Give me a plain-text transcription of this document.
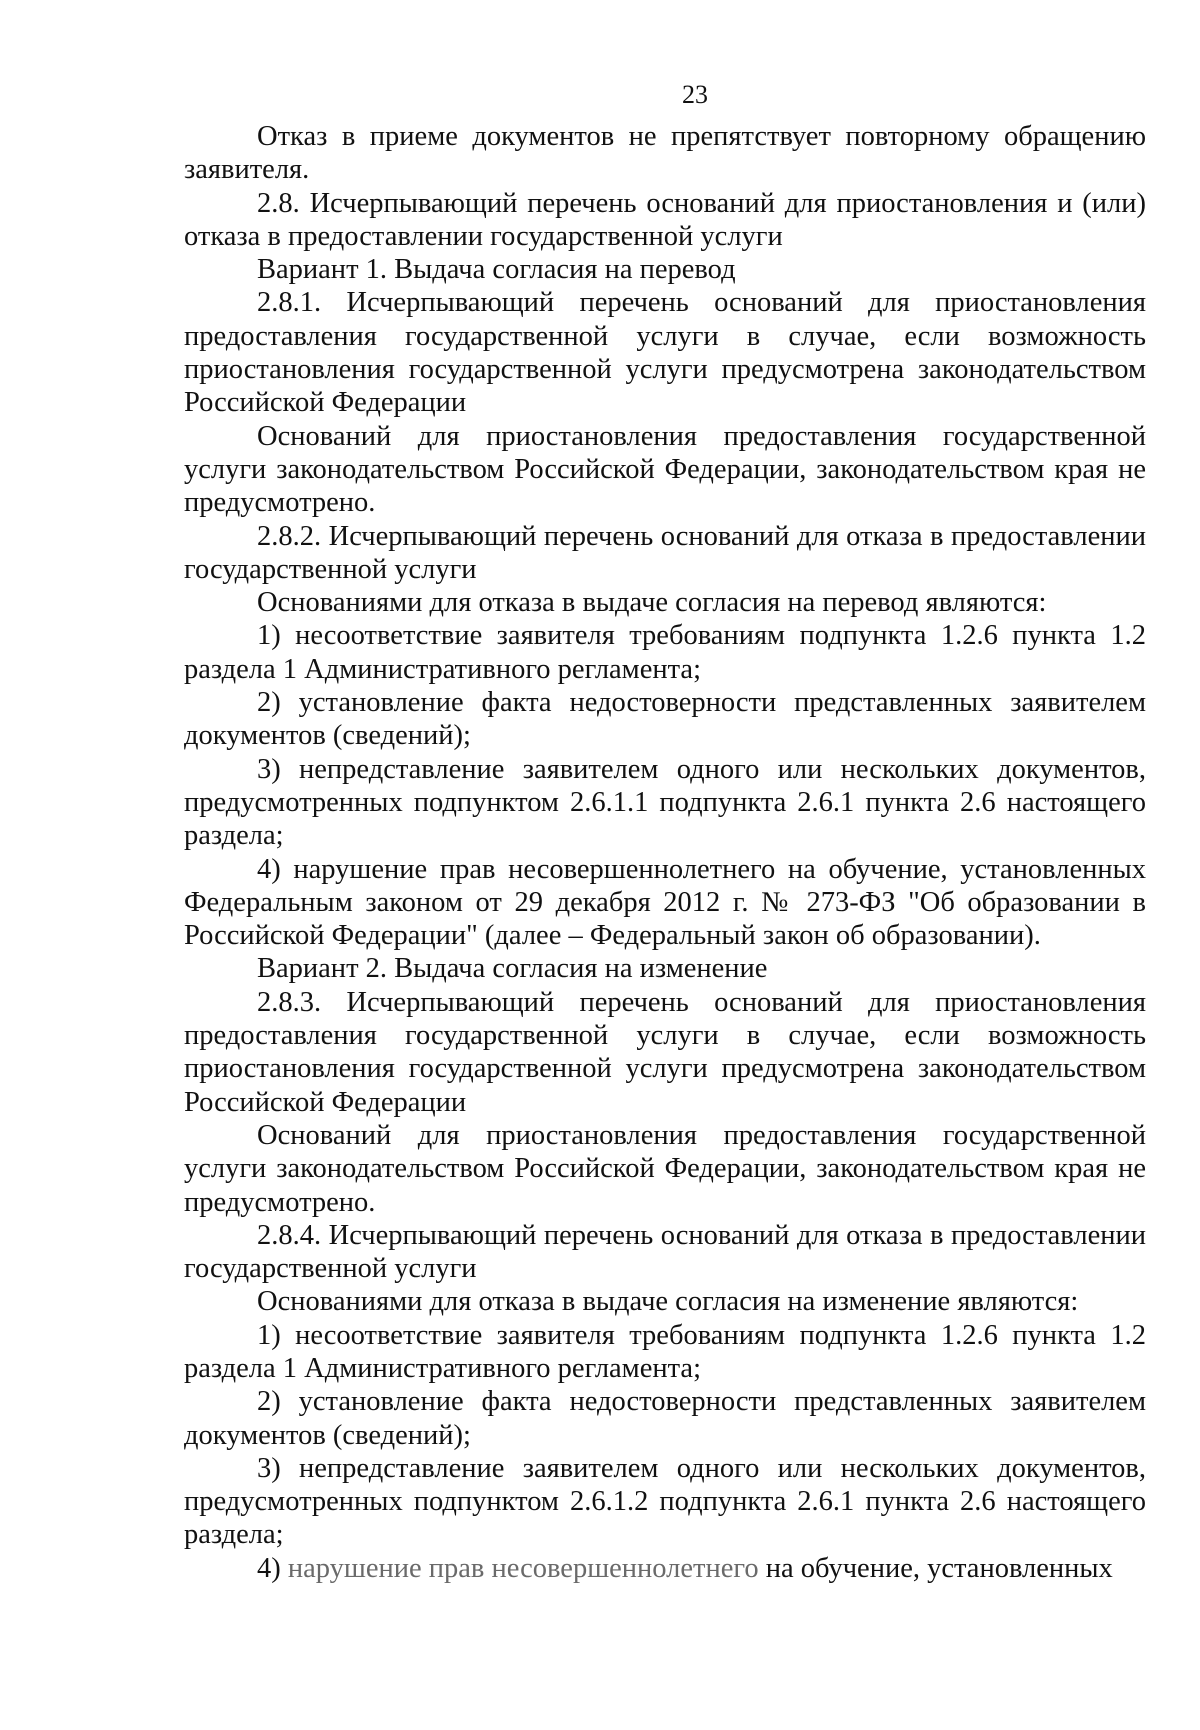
23

Отказ в приеме документов не препятствует повторному обращению заявителя.

2.8. Исчерпывающий перечень оснований для приостановления и (или) отказа в предоставлении государственной услуги

Вариант 1. Выдача согласия на перевод

2.8.1. Исчерпывающий перечень оснований для приостановления предоставления государственной услуги в случае, если возможность приостановления государственной услуги предусмотрена законодательством Российской Федерации

Оснований для приостановления предоставления государственной услуги законодательством Российской Федерации, законодательством края не предусмотрено.

2.8.2. Исчерпывающий перечень оснований для отказа в предоставлении государственной услуги

Основаниями для отказа в выдаче согласия на перевод являются:

1) несоответствие заявителя требованиям подпункта 1.2.6 пункта 1.2 раздела 1 Административного регламента;

2) установление факта недостоверности представленных заявителем документов (сведений);

3) непредставление заявителем одного или нескольких документов, предусмотренных подпунктом 2.6.1.1 подпункта 2.6.1 пункта 2.6 настоящего раздела;

4) нарушение прав несовершеннолетнего на обучение, установленных Федеральным законом от 29 декабря 2012 г. № 273-ФЗ "Об образовании в Российской Федерации" (далее – Федеральный закон об образовании).

Вариант 2. Выдача согласия на изменение

2.8.3. Исчерпывающий перечень оснований для приостановления предоставления государственной услуги в случае, если возможность приостановления государственной услуги предусмотрена законодательством Российской Федерации

Оснований для приостановления предоставления государственной услуги законодательством Российской Федерации, законодательством края не предусмотрено.

2.8.4. Исчерпывающий перечень оснований для отказа в предоставлении государственной услуги

Основаниями для отказа в выдаче согласия на изменение являются:

1) несоответствие заявителя требованиям подпункта 1.2.6 пункта 1.2 раздела 1 Административного регламента;

2) установление факта недостоверности представленных заявителем документов (сведений);

3) непредставление заявителем одного или нескольких документов, предусмотренных подпунктом 2.6.1.2 подпункта 2.6.1 пункта 2.6 настоящего раздела;

4) нарушение прав несовершеннолетнего на обучение, установленных
